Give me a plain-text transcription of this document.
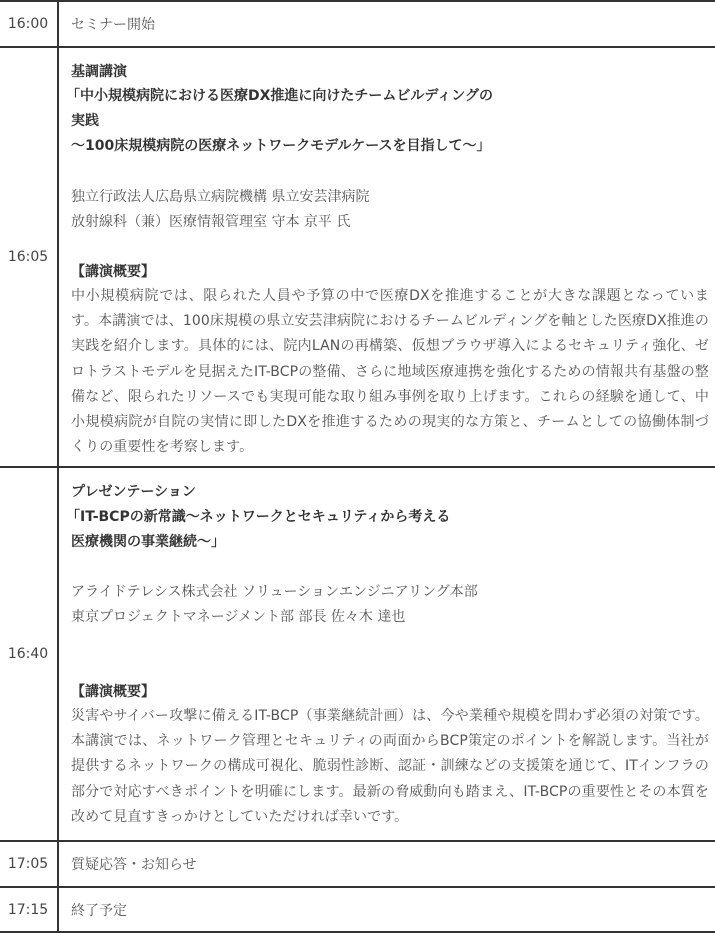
16:00 セミナー開始
16:05
基調講演
「中小規模病院における医療DX推進に向けたチームビルディングの
実践
～100床規模病院の医療ネットワークモデルケースを目指して～」
独立行政法人広島県立病院機構 県立安芸津病院
放射線科（兼）医療情報管理室 守本 京平 氏
【講演概要】
中小規模病院では、限られた人員や予算の中で医療DXを推進することが大きな課題となっています。本講演では、100床規模の県立安芸津病院におけるチームビルディングを軸とした医療DX推進の実践を紹介します。具体的には、院内LANの再構築、仮想ブラウザ導入によるセキュリティ強化、ゼロトラストモデルを見据えたIT-BCPの整備、さらに地域医療連携を強化するための情報共有基盤の整備など、限られたリソースでも実現可能な取り組み事例を取り上げます。これらの経験を通して、中小規模病院が自院の実情に即したDXを推進するための現実的な方策と、チームとしての協働体制づくりの重要性を考察します。
16:40
プレゼンテーション
「IT-BCPの新常識～ネットワークとセキュリティから考える
医療機関の事業継続～」
アライドテレシス株式会社 ソリューションエンジニアリング本部
東京プロジェクトマネージメント部 部長 佐々木 達也
【講演概要】
災害やサイバー攻撃に備えるIT-BCP（事業継続計画）は、今や業種や規模を問わず必須の対策です。本講演では、ネットワーク管理とセキュリティの両面からBCP策定のポイントを解説します。当社が提供するネットワークの構成可視化、脆弱性診断、認証・訓練などの支援策を通じて、ITインフラの部分で対応すべきポイントを明確にします。最新の脅威動向も踏まえ、IT-BCPの重要性とその本質を改めて見直すきっかけとしていただければ幸いです。
17:05 質疑応答・お知らせ
17:15 終了予定
